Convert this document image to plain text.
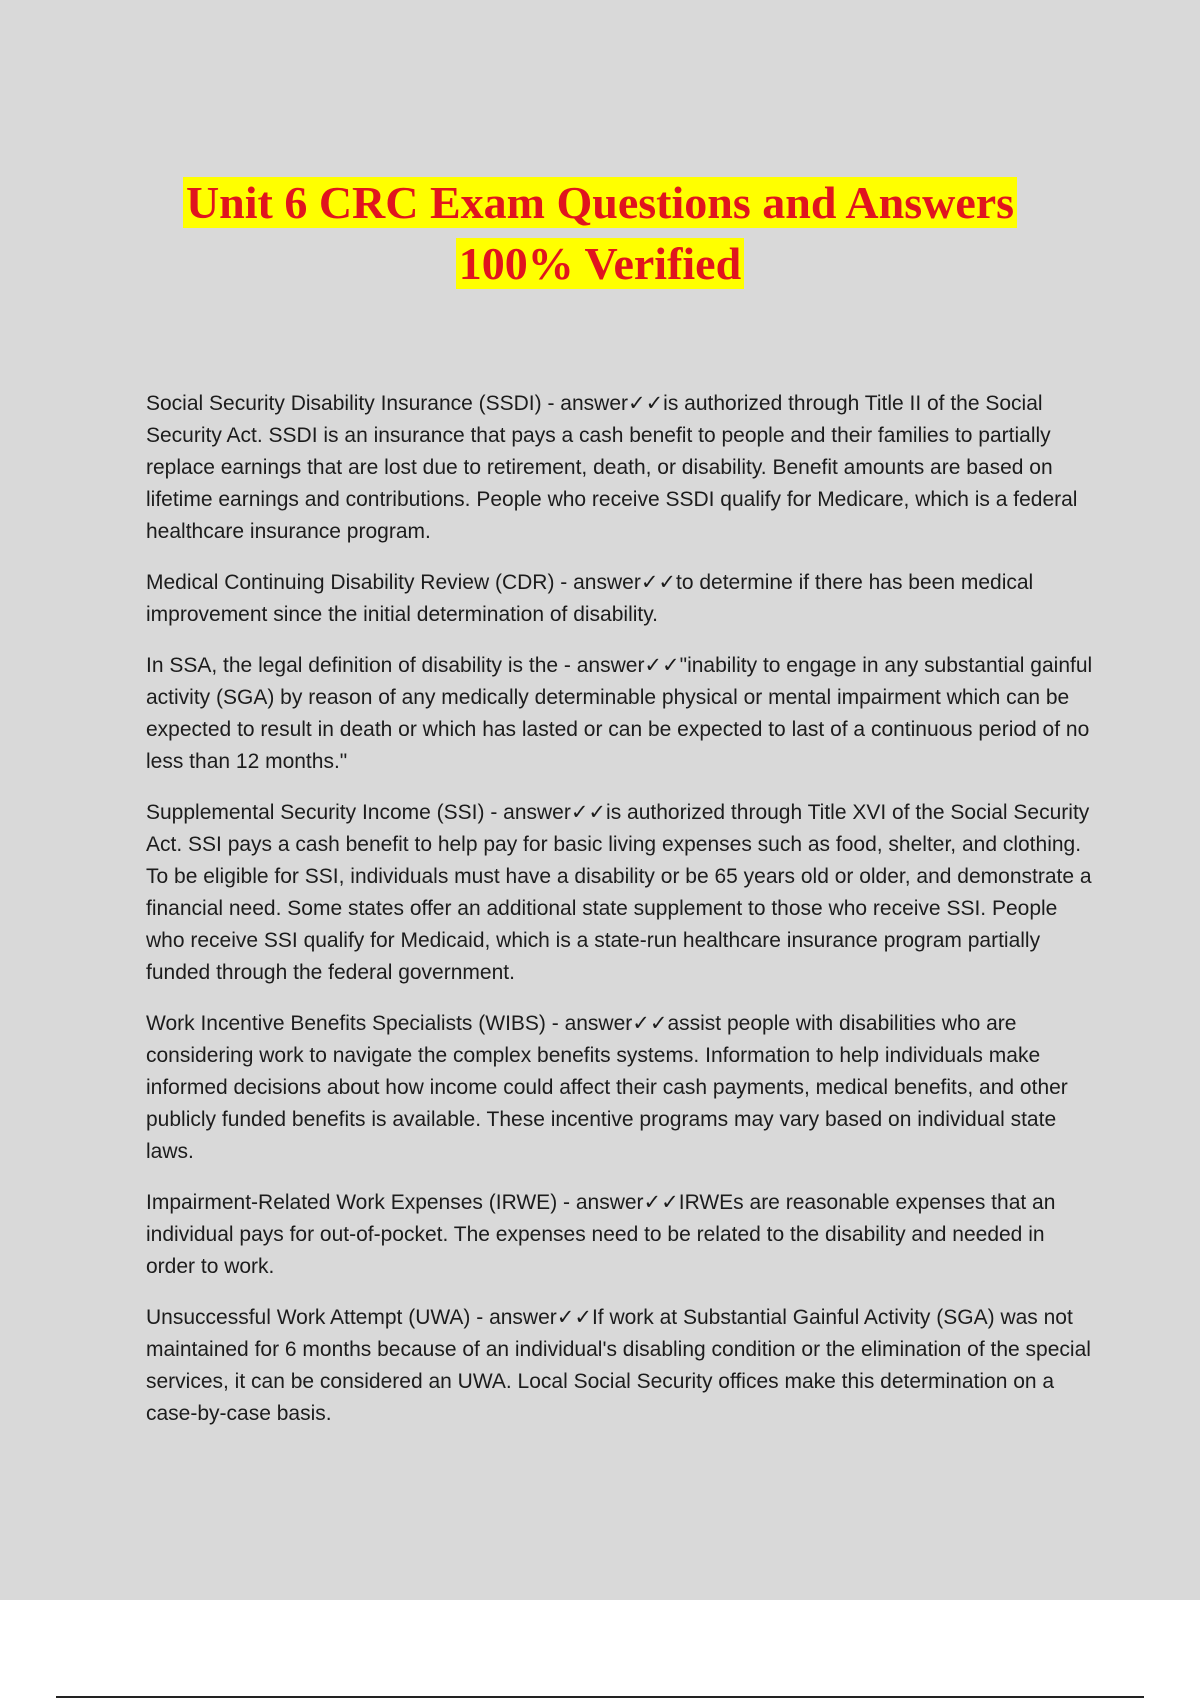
Unit 6 CRC Exam Questions and Answers
100% Verified

Social Security Disability Insurance (SSDI) - answer✓✓is authorized through Title II of the Social Security Act. SSDI is an insurance that pays a cash benefit to people and their families to partially replace earnings that are lost due to retirement, death, or disability. Benefit amounts are based on lifetime earnings and contributions. People who receive SSDI qualify for Medicare, which is a federal healthcare insurance program.

Medical Continuing Disability Review (CDR) - answer✓✓to determine if there has been medical improvement since the initial determination of disability.

In SSA, the legal definition of disability is the - answer✓✓"inability to engage in any substantial gainful activity (SGA) by reason of any medically determinable physical or mental impairment which can be expected to result in death or which has lasted or can be expected to last of a continuous period of no less than 12 months."

Supplemental Security Income (SSI) - answer✓✓is authorized through Title XVI of the Social Security Act. SSI pays a cash benefit to help pay for basic living expenses such as food, shelter, and clothing. To be eligible for SSI, individuals must have a disability or be 65 years old or older, and demonstrate a financial need. Some states offer an additional state supplement to those who receive SSI. People who receive SSI qualify for Medicaid, which is a state-run healthcare insurance program partially funded through the federal government.

Work Incentive Benefits Specialists (WIBS) - answer✓✓assist people with disabilities who are considering work to navigate the complex benefits systems. Information to help individuals make informed decisions about how income could affect their cash payments, medical benefits, and other publicly funded benefits is available. These incentive programs may vary based on individual state laws.

Impairment-Related Work Expenses (IRWE) - answer✓✓IRWEs are reasonable expenses that an individual pays for out-of-pocket. The expenses need to be related to the disability and needed in order to work.

Unsuccessful Work Attempt (UWA) - answer✓✓If work at Substantial Gainful Activity (SGA) was not maintained for 6 months because of an individual's disabling condition or the elimination of the special services, it can be considered an UWA. Local Social Security offices make this determination on a case-by-case basis.
